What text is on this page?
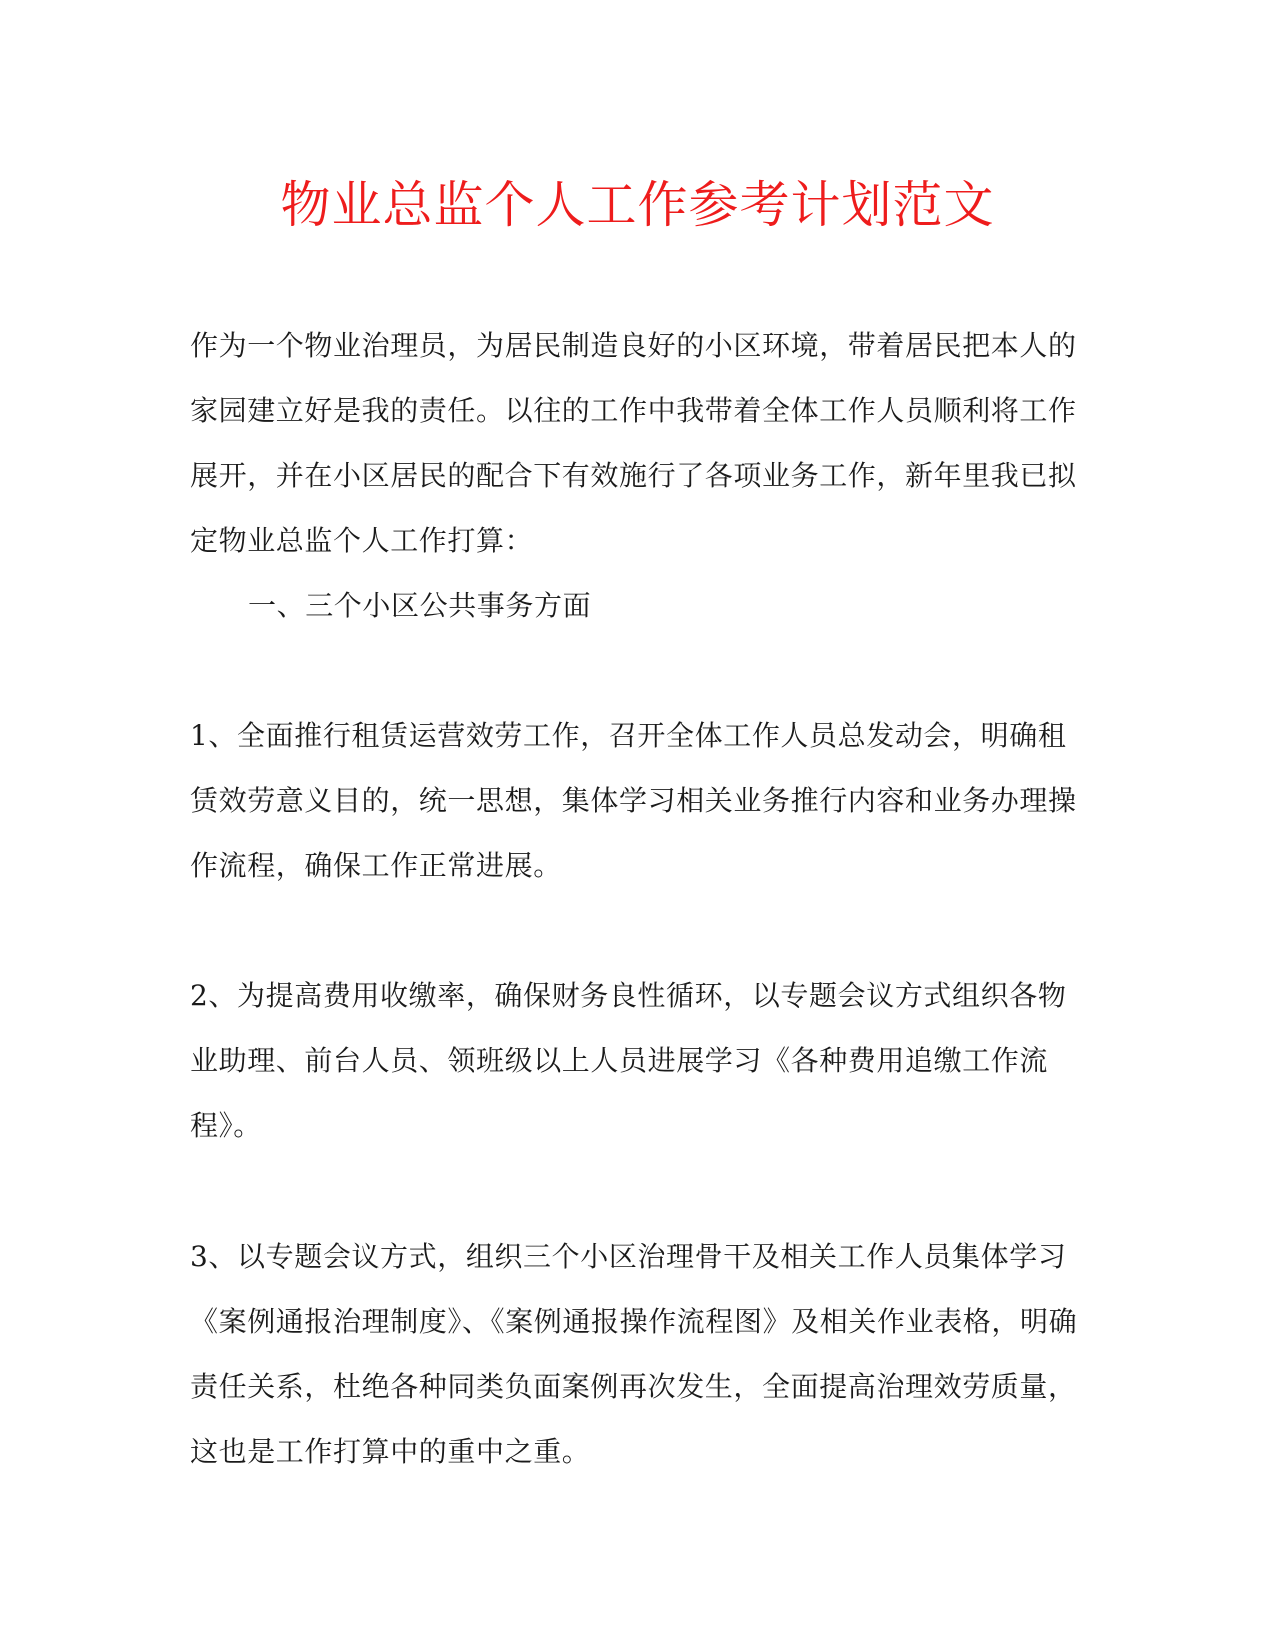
物业总监个人工作参考计划范文

作为一个物业治理员，为居民制造良好的小区环境，带着居民把本人的家园建立好是我的责任。以往的工作中我带着全体工作人员顺利将工作展开，并在小区居民的配合下有效施行了各项业务工作，新年里我已拟定物业总监个人工作打算：

一、三个小区公共事务方面

1、全面推行租赁运营效劳工作，召开全体工作人员总发动会，明确租赁效劳意义目的，统一思想，集体学习相关业务推行内容和业务办理操作流程，确保工作正常进展。

2、为提高费用收缴率，确保财务良性循环，以专题会议方式组织各物业助理、前台人员、领班级以上人员进展学习《各种费用追缴工作流程》。

3、以专题会议方式，组织三个小区治理骨干及相关工作人员集体学习《案例通报治理制度》、《案例通报操作流程图》及相关作业表格，明确责任关系，杜绝各种同类负面案例再次发生，全面提高治理效劳质量，这也是工作打算中的重中之重。
